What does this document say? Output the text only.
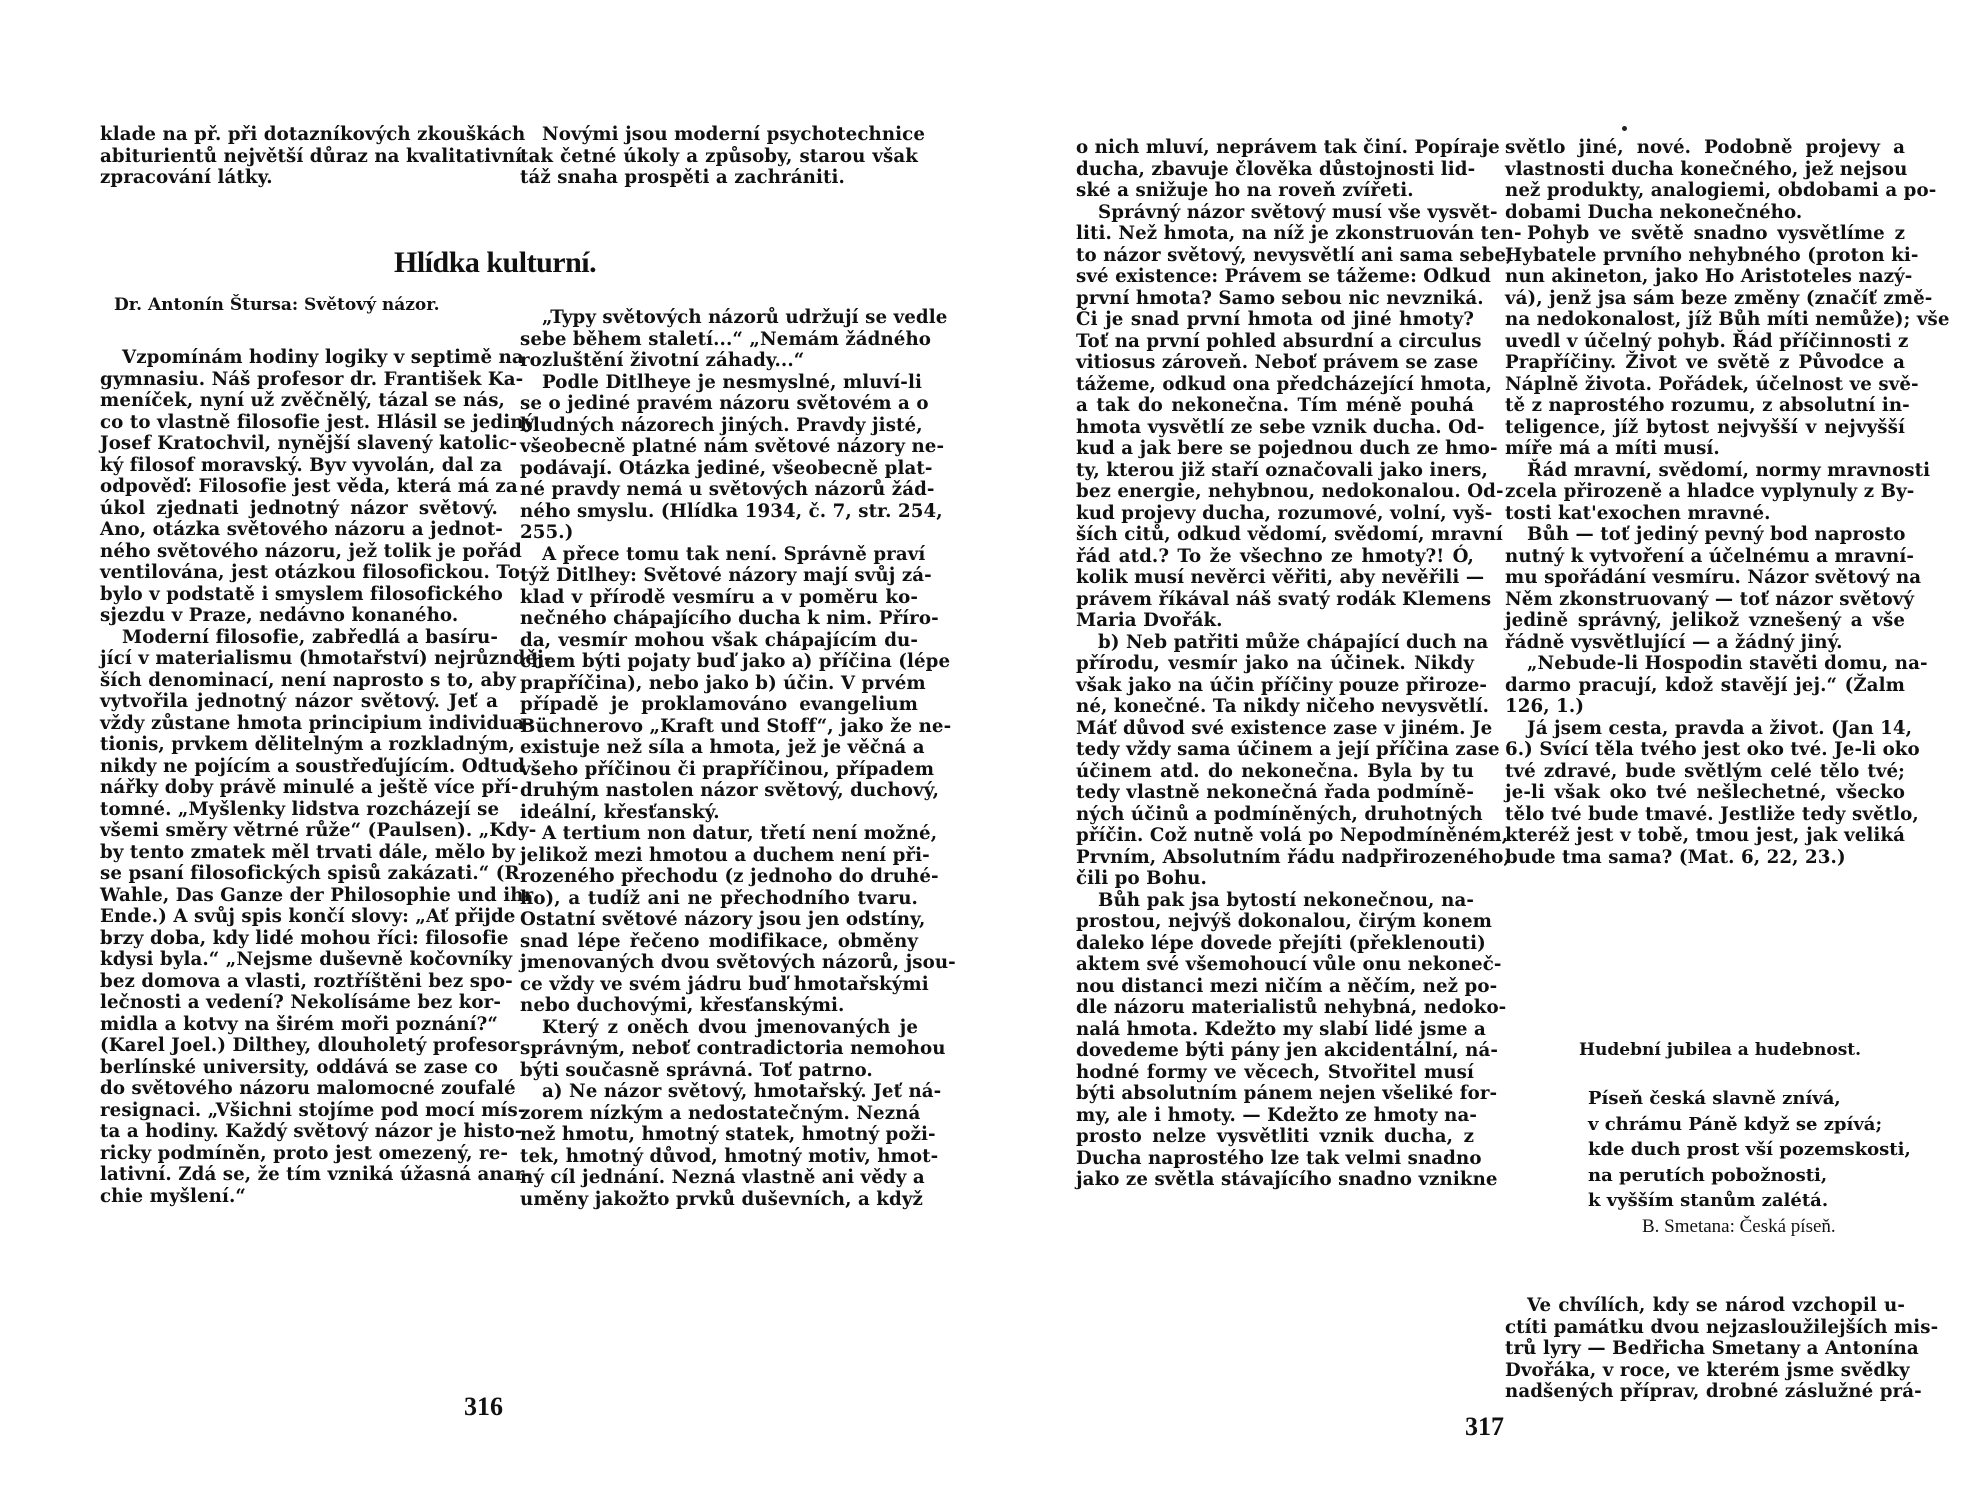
klade na př. při dotazníkových zkouškách
abiturientů největší důraz na kvalitativní
zpracování látky.
Novými jsou moderní psychotechnice
tak četné úkoly a způsoby, starou však
táž snaha prospěti a zachrániti.
Hlídka kulturní.
Dr. Antonín Štursa: Světový názor.
Vzpomínám hodiny logiky v septimě na
gymnasiu. Náš profesor dr. František Ka-
meníček, nyní už zvěčnělý, tázal se nás,
co to vlastně filosofie jest. Hlásil se jediný
Josef Kratochvil, nynější slavený katolic-
ký filosof moravský. Byv vyvolán, dal za
odpověď: Filosofie jest věda, která má za
úkol zjednati jednotný názor světový.
Ano, otázka světového názoru a jednot-
ného světového názoru, jež tolik je pořád
ventilována, jest otázkou filosofickou. To
bylo v podstatě i smyslem filosofického
sjezdu v Praze, nedávno konaného.
Moderní filosofie, zabředlá a basíru-
jící v materialismu (hmotařství) nejrůznděj-
ších denominací, není naprosto s to, aby
vytvořila jednotný názor světový. Jeť a
vždy zůstane hmota principium individua-
tionis, prvkem dělitelným a rozkladným,
nikdy ne pojícím a soustřeďujícím. Odtud
nářky doby právě minulé a ještě více pří-
tomné. „Myšlenky lidstva rozcházejí se
všemi směry větrné růže“ (Paulsen). „Kdy-
by tento zmatek měl trvati dále, mělo by
se psaní filosofických spisů zakázati.“ (R.
Wahle, Das Ganze der Philosophie und ihr
Ende.) A svůj spis končí slovy: „Ať přijde
brzy doba, kdy lidé mohou říci: filosofie
kdysi byla.“ „Nejsme duševně kočovníky
bez domova a vlasti, roztříštěni bez spo-
lečnosti a vedení? Nekolísáme bez kor-
midla a kotvy na širém moři poznání?“
(Karel Joel.) Dilthey, dlouholetý profesor
berlínské university, oddává se zase co
do světového názoru malomocné zoufalé
resignaci. „Všichni stojíme pod mocí mís-
ta a hodiny. Každý světový názor je histo-
ricky podmíněn, proto jest omezený, re-
lativní. Zdá se, že tím vzniká úžasná anar-
chie myšlení.“
„Typy světových názorů udržují se vedle
sebe během staletí...“ „Nemám žádného
rozluštění životní záhady...“
Podle Ditlheye je nesmyslné, mluví-li
se o jediné pravém názoru světovém a o
bludných názorech jiných. Pravdy jisté,
všeobecně platné nám světové názory ne-
podávají. Otázka jediné, všeobecně plat-
né pravdy nemá u světových názorů žád-
ného smyslu. (Hlídka 1934, č. 7, str. 254,
255.)
A přece tomu tak není. Správně praví
týž Ditlhey: Světové názory mají svůj zá-
klad v přírodě vesmíru a v poměru ko-
nečného chápajícího ducha k nim. Příro-
da, vesmír mohou však chápajícím du-
chem býti pojaty buď jako a) příčina (lépe
prapříčina), nebo jako b) účin. V prvém
případě je proklamováno evangelium
Büchnerovo „Kraft und Stoff“, jako že ne-
existuje než síla a hmota, jež je věčná a
všeho příčinou či prapříčinou, případem
druhým nastolen názor světový, duchový,
ideální, křesťanský.
A tertium non datur, třetí není možné,
jelikož mezi hmotou a duchem není při-
rozeného přechodu (z jednoho do druhé-
ho), a tudíž ani ne přechodního tvaru.
Ostatní světové názory jsou jen odstíny,
snad lépe řečeno modifikace, obměny
jmenovaných dvou světových názorů, jsou-
ce vždy ve svém jádru buď hmotařskými
nebo duchovými, křesťanskými.
Který z oněch dvou jmenovaných je
správným, neboť contradictoria nemohou
býti současně správná. Toť patrno.
a) Ne názor světový, hmotařský. Jeť ná-
zorem nízkým a nedostatečným. Nezná
než hmotu, hmotný statek, hmotný poži-
tek, hmotný důvod, hmotný motiv, hmot-
ný cíl jednání. Nezná vlastně ani vědy a
uměny jakožto prvků duševních, a když
316
o nich mluví, neprávem tak činí. Popíraje
ducha, zbavuje člověka důstojnosti lid-
ské a snižuje ho na roveň zvířeti.
Správný názor světový musí vše vysvět-
liti. Než hmota, na níž je zkonstruován ten-
to názor světový, nevysvětlí ani sama sebe,
své existence: Právem se tážeme: Odkud
první hmota? Samo sebou nic nevzniká.
Či je snad první hmota od jiné hmoty?
Toť na první pohled absurdní a circulus
vitiosus zároveň. Neboť právem se zase
tážeme, odkud ona předcházející hmota,
a tak do nekonečna. Tím méně pouhá
hmota vysvětlí ze sebe vznik ducha. Od-
kud a jak bere se pojednou duch ze hmo-
ty, kterou již staří označovali jako iners,
bez energie, nehybnou, nedokonalou. Od-
kud projevy ducha, rozumové, volní, vyš-
ších citů, odkud vědomí, svědomí, mravní
řád atd.? To že všechno ze hmoty?! Ó,
kolik musí nevěrci věřiti, aby nevěřili —
právem říkával náš svatý rodák Klemens
Maria Dvořák.
b) Neb patřiti může chápající duch na
přírodu, vesmír jako na účinek. Nikdy
však jako na účin příčiny pouze přiroze-
né, konečné. Ta nikdy ničeho nevysvětlí.
Máť důvod své existence zase v jiném. Je
tedy vždy sama účinem a její příčina zase
účinem atd. do nekonečna. Byla by tu
tedy vlastně nekonečná řada podmíně-
ných účinů a podmíněných, druhotných
příčin. Což nutně volá po Nepodmíněném,
Prvním, Absolutním řádu nadpřirozeného,
čili po Bohu.
Bůh pak jsa bytostí nekonečnou, na-
prostou, nejvýš dokonalou, čirým konem
daleko lépe dovede přejíti (překlenouti)
aktem své všemohoucí vůle onu nekoneč-
nou distanci mezi ničím a něčím, než po-
dle názoru materialistů nehybná, nedoko-
nalá hmota. Kdežto my slabí lidé jsme a
dovedeme býti pány jen akcidentální, ná-
hodné formy ve věcech, Stvořitel musí
býti absolutním pánem nejen všeliké for-
my, ale i hmoty. — Kdežto ze hmoty na-
prosto nelze vysvětliti vznik ducha, z
Ducha naprostého lze tak velmi snadno
jako ze světla stávajícího snadno vznikne
světlo jiné, nové. Podobně projevy a
vlastnosti ducha konečného, jež nejsou
než produkty, analogiemi, obdobami a po-
dobami Ducha nekonečného.
Pohyb ve světě snadno vysvětlíme z
Hybatele prvního nehybného (proton ki-
nun akineton, jako Ho Aristoteles nazý-
vá), jenž jsa sám beze změny (značíť změ-
na nedokonalost, jíž Bůh míti nemůže); vše
uvedl v účelný pohyb. Řád příčinnosti z
Prapříčiny. Život ve světě z Původce a
Náplně života. Pořádek, účelnost ve svě-
tě z naprostého rozumu, z absolutní in-
teligence, jíž bytost nejvyšší v nejvyšší
míře má a míti musí.
Řád mravní, svědomí, normy mravnosti
zcela přirozeně a hladce vyplynuly z By-
tosti kat'exochen mravné.
Bůh — toť jediný pevný bod naprosto
nutný k vytvoření a účelnému a mravní-
mu spořádání vesmíru. Názor světový na
Něm zkonstruovaný — toť názor světový
jedině správný, jelikož vznešený a vše
řádně vysvětlující — a žádný jiný.
„Nebude-li Hospodin stavěti domu, na-
darmo pracují, kdož stavějí jej.“ (Žalm
126, 1.)
Já jsem cesta, pravda a život. (Jan 14,
6.) Svící těla tvého jest oko tvé. Je-li oko
tvé zdravé, bude světlým celé tělo tvé;
je-li však oko tvé nešlechetné, všecko
tělo tvé bude tmavé. Jestliže tedy světlo,
kteréž jest v tobě, tmou jest, jak veliká
bude tma sama? (Mat. 6, 22, 23.)
Hudební jubilea a hudebnost.
Píseň česká slavně znívá,
v chrámu Páně když se zpívá;
kde duch prost vší pozemskosti,
na perutích pobožnosti,
k vyšším stanům zalétá.
B. Smetana: Česká píseň.
Ve chvílích, kdy se národ vzchopil u-
ctíti památku dvou nejzasloužilejších mis-
trů lyry — Bedřicha Smetany a Antonína
Dvořáka, v roce, ve kterém jsme svědky
nadšených příprav, drobné záslužné prá-
317
